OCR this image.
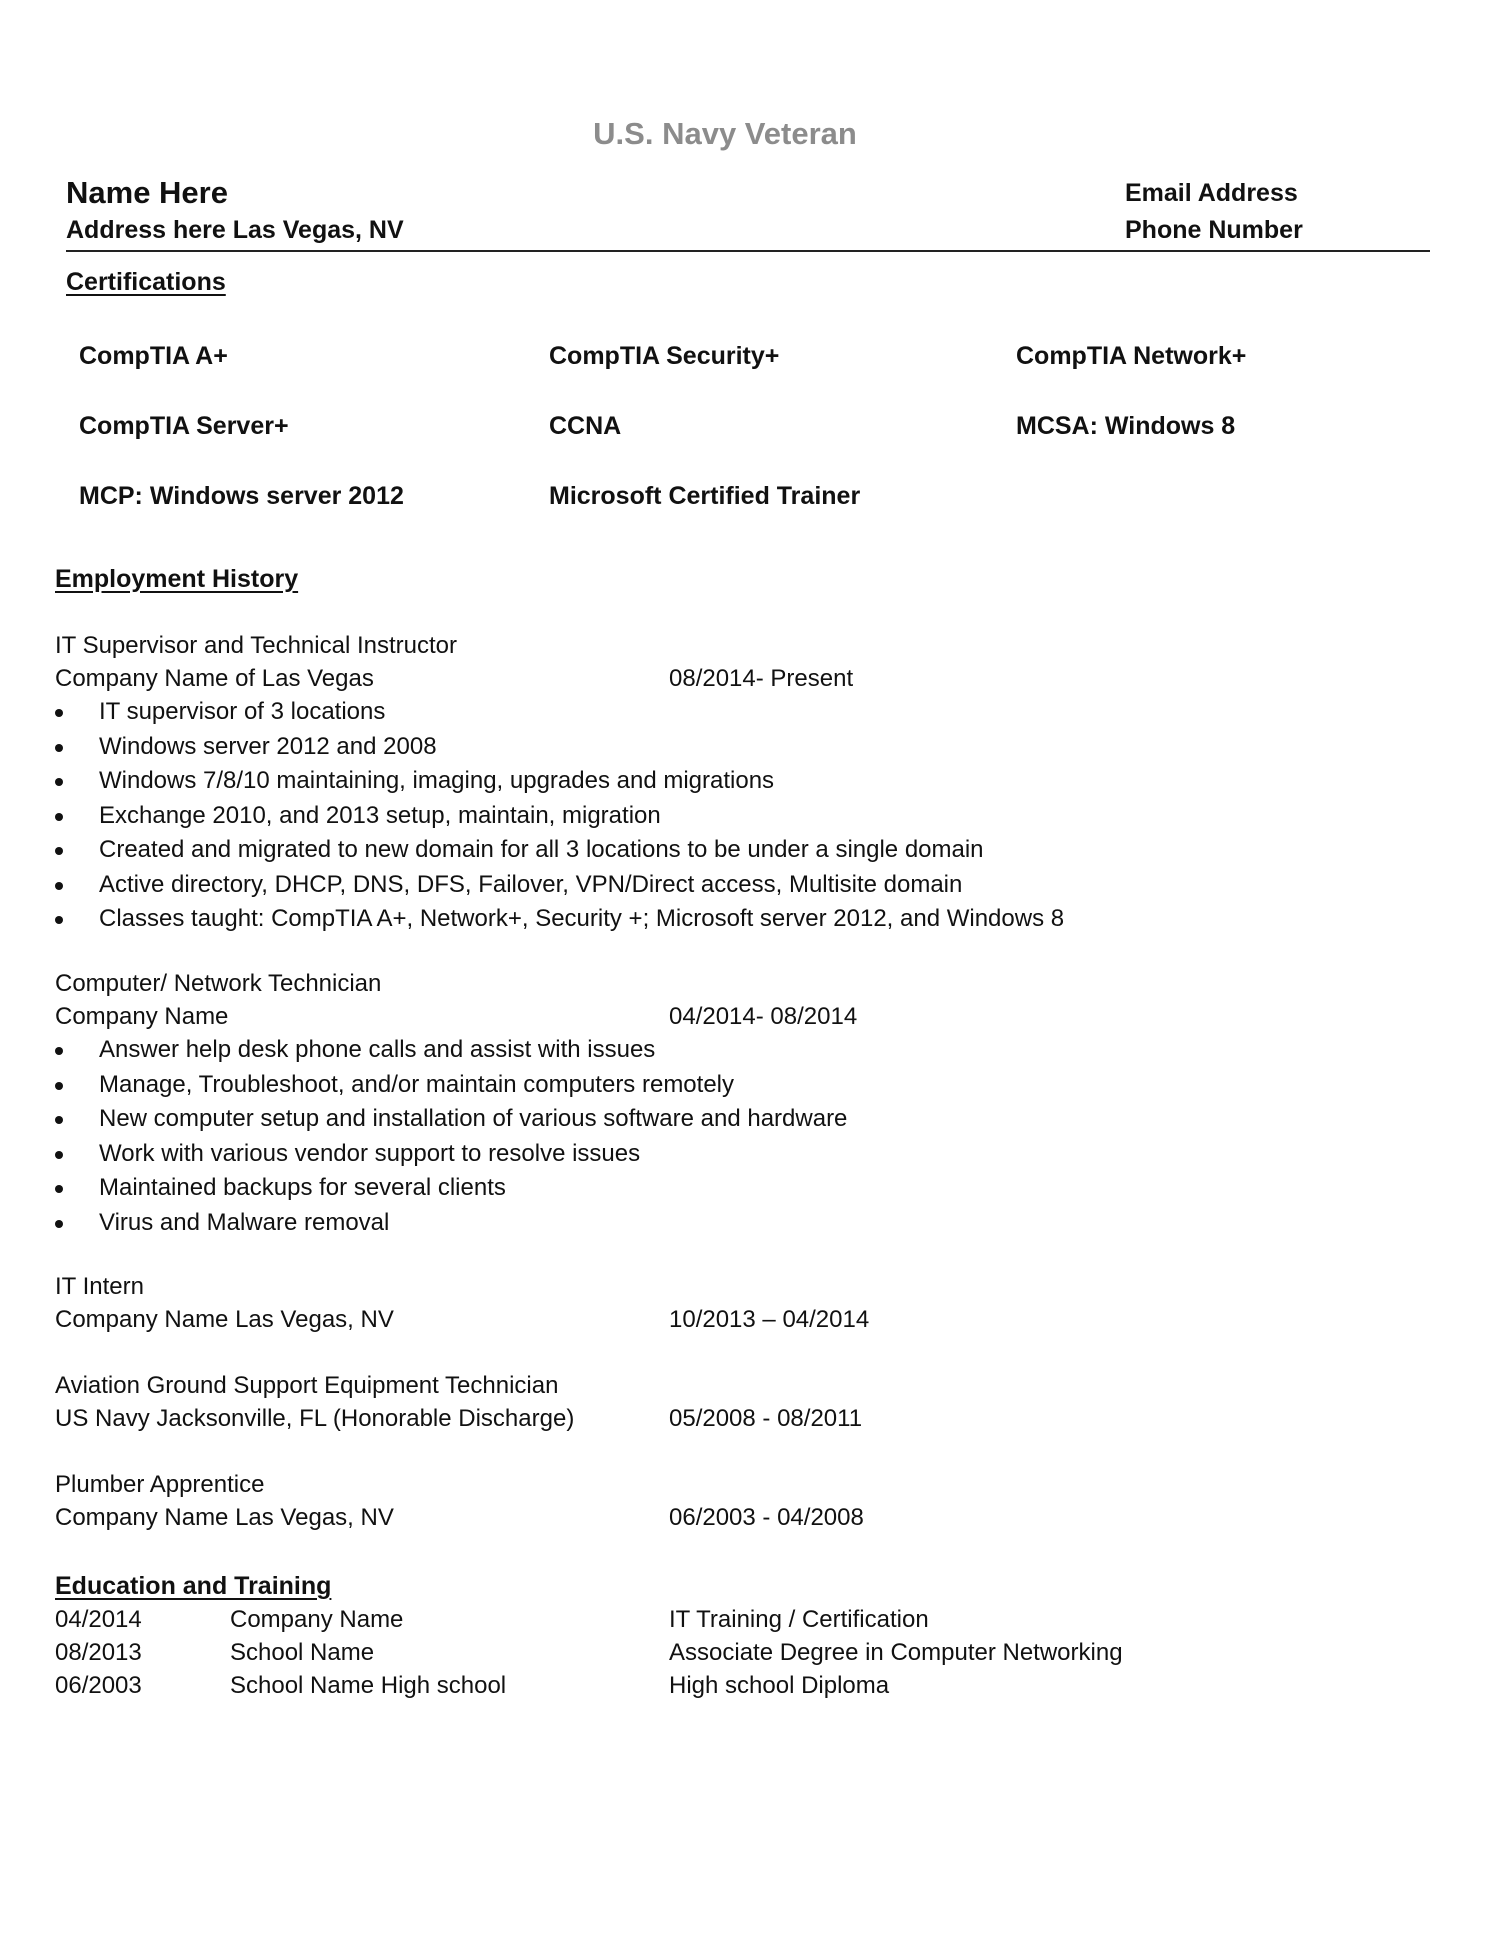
U.S. Navy Veteran
Name Here
Address here Las Vegas, NV
Email Address
Phone Number
Certifications
CompTIA A+	CompTIA Security+	CompTIA Network+
CompTIA Server+	CCNA	MCSA: Windows 8
MCP: Windows server 2012	Microsoft Certified Trainer
Employment History
IT Supervisor and Technical Instructor
Company Name of Las Vegas	08/2014- Present
IT supervisor of 3 locations
Windows server 2012 and 2008
Windows 7/8/10 maintaining, imaging, upgrades and migrations
Exchange 2010, and 2013 setup, maintain, migration
Created and migrated to new domain for all 3 locations to be under a single domain
Active directory, DHCP, DNS, DFS, Failover, VPN/Direct access, Multisite domain
Classes taught: CompTIA A+, Network+, Security +; Microsoft server 2012, and Windows 8
Computer/ Network Technician
Company Name	04/2014- 08/2014
Answer help desk phone calls and assist with issues
Manage, Troubleshoot, and/or maintain computers remotely
New computer setup and installation of various software and hardware
Work with various vendor support to resolve issues
Maintained backups for several clients
Virus and Malware removal
IT Intern
Company Name Las Vegas, NV	10/2013 – 04/2014
Aviation Ground Support Equipment Technician
US Navy Jacksonville, FL (Honorable Discharge)	05/2008 - 08/2011
Plumber Apprentice
Company Name Las Vegas, NV	06/2003 - 04/2008
Education and Training
04/2014	Company Name	IT Training / Certification
08/2013	School Name	Associate Degree in Computer Networking
06/2003	School Name High school	High school Diploma
